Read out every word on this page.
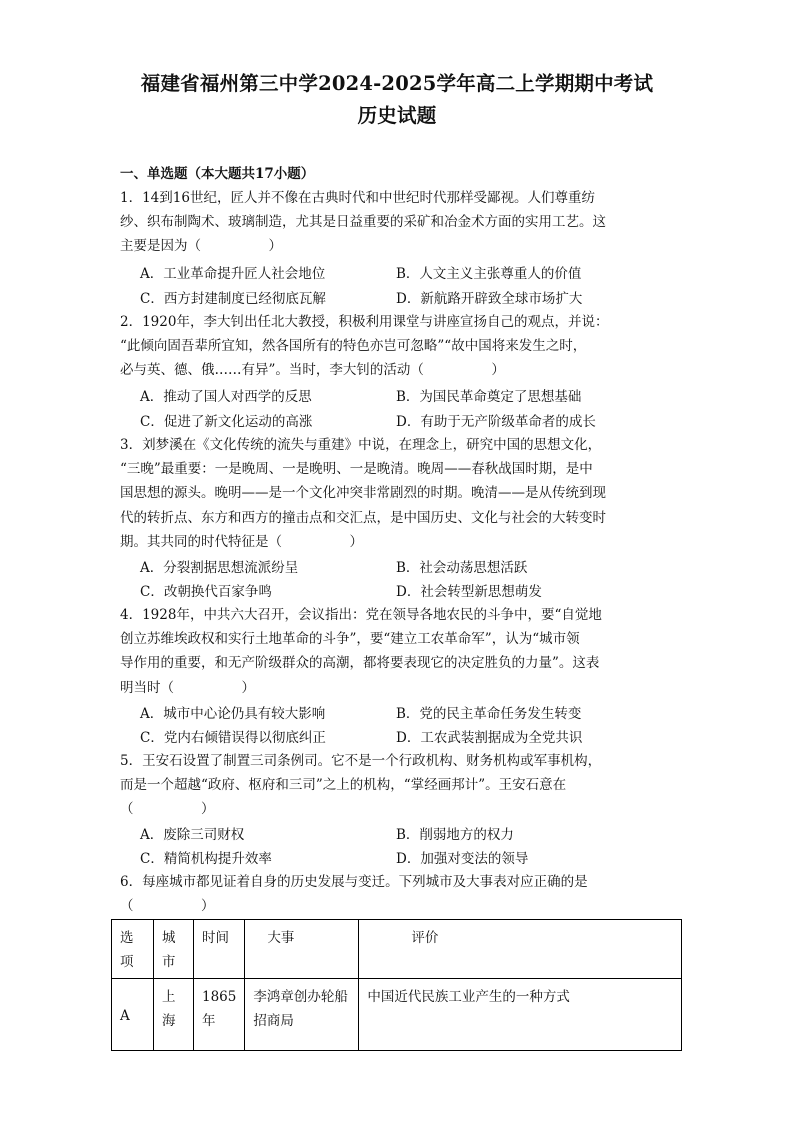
福建省福州第三中学2024-2025学年高二上学期期中考试
历史试题
一、单选题（本大题共17小题）
1．14到16世纪，匠人并不像在古典时代和中世纪时代那样受鄙视。人们尊重纺
纱、织布制陶术、玻璃制造，尤其是日益重要的采矿和冶金术方面的实用工艺。这
主要是因为（　　　　　）
A．工业革命提升匠人社会地位	B．人文主义主张尊重人的价值
C．西方封建制度已经彻底瓦解	D．新航路开辟致全球市场扩大
2．1920年，李大钊出任北大教授，积极利用课堂与讲座宣扬自己的观点，并说：
“此倾向固吾辈所宜知，然各国所有的特色亦岂可忽略”“故中国将来发生之时，
必与英、德、俄……有异”。当时，李大钊的活动（　　　　　）
A．推动了国人对西学的反思	B．为国民革命奠定了思想基础
C．促进了新文化运动的高涨	D．有助于无产阶级革命者的成长
3．刘梦溪在《文化传统的流失与重建》中说，在理念上，研究中国的思想文化，
“三晚”最重要：一是晚周、一是晚明、一是晚清。晚周——春秋战国时期，是中
国思想的源头。晚明——是一个文化冲突非常剧烈的时期。晚清——是从传统到现
代的转折点、东方和西方的撞击点和交汇点，是中国历史、文化与社会的大转变时
期。其共同的时代特征是（　　　　　）
A．分裂割据思想流派纷呈	B．社会动荡思想活跃
C．改朝换代百家争鸣	D．社会转型新思想萌发
4．1928年，中共六大召开，会议指出：党在领导各地农民的斗争中，要“自觉地
创立苏维埃政权和实行土地革命的斗争”，要“建立工农革命军”，认为“城市领
导作用的重要，和无产阶级群众的高潮，都将要表现它的决定胜负的力量”。这表
明当时（　　　　　）
A．城市中心论仍具有较大影响	B．党的民主革命任务发生转变
C．党内右倾错误得以彻底纠正	D．工农武装割据成为全党共识
5．王安石设置了制置三司条例司。它不是一个行政机构、财务机构或军事机构，
而是一个超越“政府、枢府和三司”之上的机构，“掌经画邦计”。王安石意在
（　　　　　）
A．废除三司财权	B．削弱地方的权力
C．精简机构提升效率	D．加强对变法的领导
6．每座城市都见证着自身的历史发展与变迁。下列城市及大事表对应正确的是
（　　　　　）
选项	城市	时间	大事	评价
A	上海	1865年	李鸿章创办轮船招商局	中国近代民族工业产生的一种方式
